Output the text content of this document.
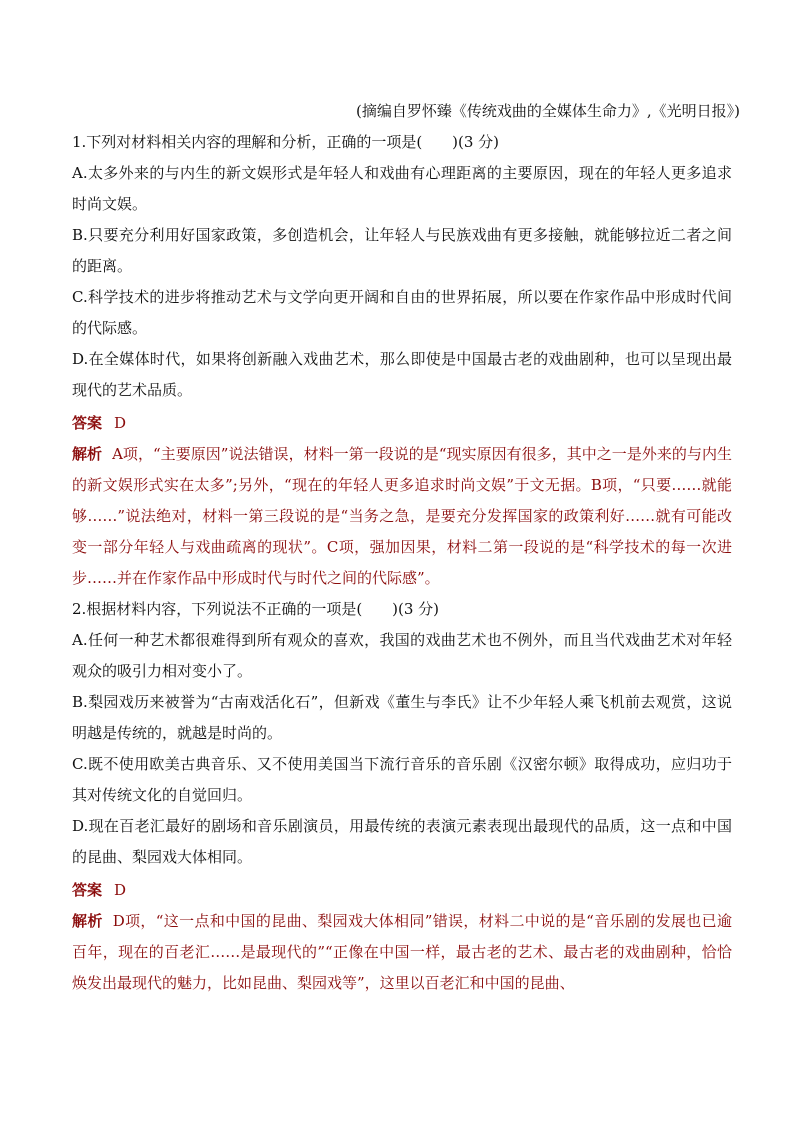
(摘编自罗怀臻《传统戏曲的全媒体生命力》,《光明日报》)

1.下列对材料相关内容的理解和分析，正确的一项是(　　)(3 分)

A.太多外来的与内生的新文娱形式是年轻人和戏曲有心理距离的主要原因，现在的年轻人更多追求时尚文娱。

B.只要充分利用好国家政策，多创造机会，让年轻人与民族戏曲有更多接触，就能够拉近二者之间的距离。

C.科学技术的进步将推动艺术与文学向更开阔和自由的世界拓展，所以要在作家作品中形成时代间的代际感。

D.在全媒体时代，如果将创新融入戏曲艺术，那么即使是中国最古老的戏曲剧种，也可以呈现出最现代的艺术品质。

答案 D

解析 A项，“主要原因”说法错误，材料一第一段说的是“现实原因有很多，其中之一是外来的与内生的新文娱形式实在太多”;另外，“现在的年轻人更多追求时尚文娱”于文无据。B项，“只要……就能够……”说法绝对，材料一第三段说的是“当务之急，是要充分发挥国家的政策利好……就有可能改变一部分年轻人与戏曲疏离的现状”。C项，强加因果，材料二第一段说的是“科学技术的每一次进步……并在作家作品中形成时代与时代之间的代际感”。

2.根据材料内容，下列说法不正确的一项是(　　)(3 分)

A.任何一种艺术都很难得到所有观众的喜欢，我国的戏曲艺术也不例外，而且当代戏曲艺术对年轻观众的吸引力相对变小了。

B.梨园戏历来被誉为“古南戏活化石”，但新戏《董生与李氏》让不少年轻人乘飞机前去观赏，这说明越是传统的，就越是时尚的。

C.既不使用欧美古典音乐、又不使用美国当下流行音乐的音乐剧《汉密尔顿》取得成功，应归功于其对传统文化的自觉回归。

D.现在百老汇最好的剧场和音乐剧演员，用最传统的表演元素表现出最现代的品质，这一点和中国的昆曲、梨园戏大体相同。

答案 D

解析 D项，“这一点和中国的昆曲、梨园戏大体相同”错误，材料二中说的是“音乐剧的发展也已逾百年，现在的百老汇……是最现代的”“正像在中国一样，最古老的艺术、最古老的戏曲剧种，恰恰焕发出最现代的魅力，比如昆曲、梨园戏等”，这里以百老汇和中国的昆曲、
